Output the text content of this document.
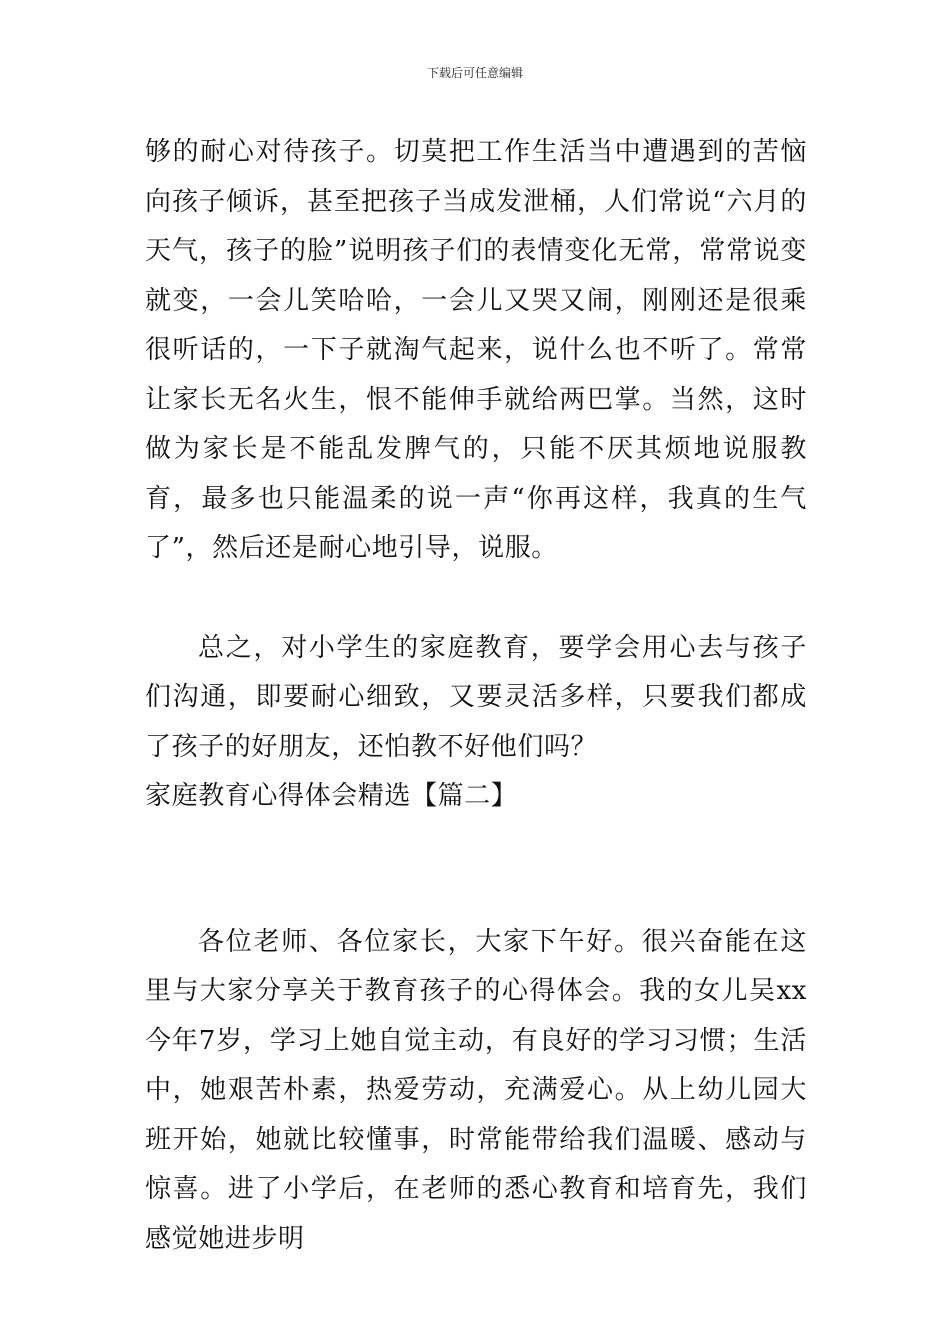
下载后可任意编辑

够的耐心对待孩子。切莫把工作生活当中遭遇到的苦恼向孩子倾诉，甚至把孩子当成发泄桶，人们常说“六月的天气，孩子的脸”说明孩子们的表情变化无常，常常说变就变，一会儿笑哈哈，一会儿又哭又闹，刚刚还是很乘很听话的，一下子就淘气起来，说什么也不听了。常常让家长无名火生，恨不能伸手就给两巴掌。当然，这时做为家长是不能乱发脾气的，只能不厌其烦地说服教育，最多也只能温柔的说一声“你再这样，我真的生气了”，然后还是耐心地引导，说服。

总之，对小学生的家庭教育，要学会用心去与孩子们沟通，即要耐心细致，又要灵活多样，只要我们都成了孩子的好朋友，还怕教不好他们吗？

家庭教育心得体会精选【篇二】

各位老师、各位家长，大家下午好。很兴奋能在这里与大家分享关于教育孩子的心得体会。我的女儿吴xx今年7岁，学习上她自觉主动，有良好的学习习惯；生活中，她艰苦朴素，热爱劳动，充满爱心。从上幼儿园大班开始，她就比较懂事，时常能带给我们温暖、感动与惊喜。进了小学后，在老师的悉心教育和培育先，我们感觉她进步明
